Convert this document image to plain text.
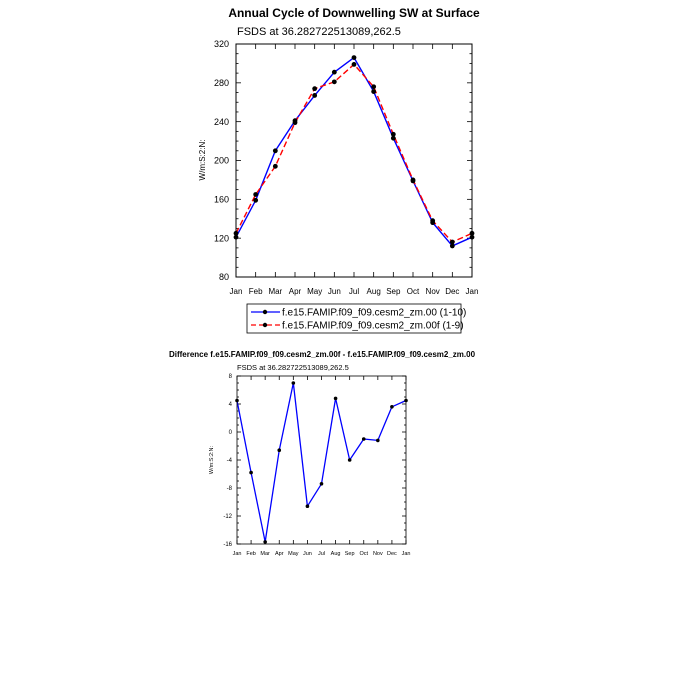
Annual Cycle of Downwelling SW at Surface
FSDS at 36.282722513089,262.5
W/m:S:2:N:
80
120
160
200
240
280
320
Jan Feb Mar Apr May Jun Jul Aug Sep Oct Nov Dec Jan
f.e15.FAMIP.f09_f09.cesm2_zm.00 (1-10)
f.e15.FAMIP.f09_f09.cesm2_zm.00f (1-9)
Difference f.e15.FAMIP.f09_f09.cesm2_zm.00f - f.e15.FAMIP.f09_f09.cesm2_zm.00
FSDS at 36.282722513089,262.5
W/m:S:2:N:
-16
-12
-8
-4
0
4
8
Jan Feb Mar Apr May Jun Jul Aug Sep Oct Nov Dec Jan
